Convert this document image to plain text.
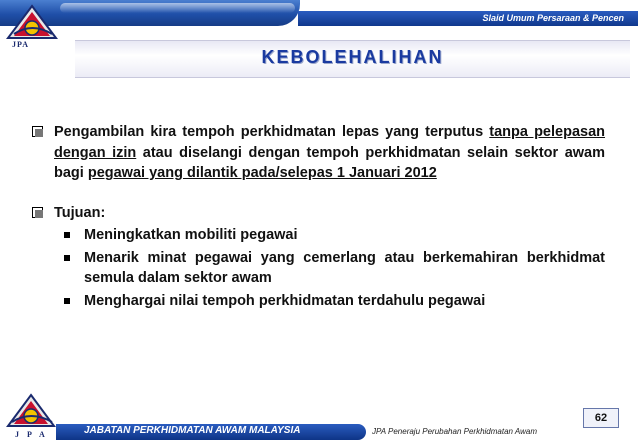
Slaid Umum Persaraan & Pencen
JPA
KEBOLEHALIHAN
Pengambilan kira tempoh perkhidmatan lepas yang terputus tanpa pelepasan dengan izin atau diselangi dengan tempoh perkhidmatan selain sektor awam bagi pegawai yang dilantik pada/selepas 1 Januari 2012
Tujuan:
Meningkatkan mobiliti pegawai
Menarik minat pegawai yang cemerlang atau berkemahiran berkhidmat semula dalam sektor awam
Menghargai nilai tempoh perkhidmatan terdahulu pegawai
J P A	JABATAN PERKHIDMATAN AWAM MALAYSIA	JPA Peneraju Perubahan Perkhidmatan Awam
62
